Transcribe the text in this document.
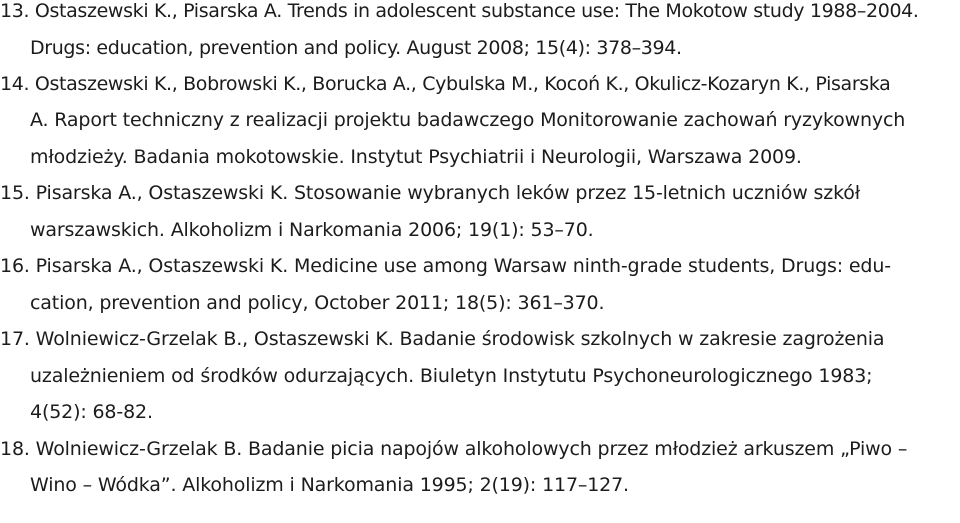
13. Ostaszewski K., Pisarska A. Trends in adolescent substance use: The Mokotow study 1988–2004.
Drugs: education, prevention and policy. August 2008; 15(4): 378–394.
14. Ostaszewski K., Bobrowski K., Borucka A., Cybulska M., Kocoń K., Okulicz-Kozaryn K., Pisarska
A. Raport techniczny z realizacji projektu badawczego Monitorowanie zachowań ryzykownych
młodzieży. Badania mokotowskie. Instytut Psychiatrii i Neurologii, Warszawa 2009.
15. Pisarska A., Ostaszewski K. Stosowanie wybranych leków przez 15-letnich uczniów szkół
warszawskich. Alkoholizm i Narkomania 2006; 19(1): 53–70.
16. Pisarska A., Ostaszewski K. Medicine use among Warsaw ninth-grade students, Drugs: edu-
cation, prevention and policy, October 2011; 18(5): 361–370.
17. Wolniewicz-Grzelak B., Ostaszewski K. Badanie środowisk szkolnych w zakresie zagrożenia
uzależnieniem od środków odurzających. Biuletyn Instytutu Psychoneurologicznego 1983;
4(52): 68-82.
18. Wolniewicz-Grzelak B. Badanie picia napojów alkoholowych przez młodzież arkuszem „Piwo –
Wino – Wódka”. Alkoholizm i Narkomania 1995; 2(19): 117–127.
